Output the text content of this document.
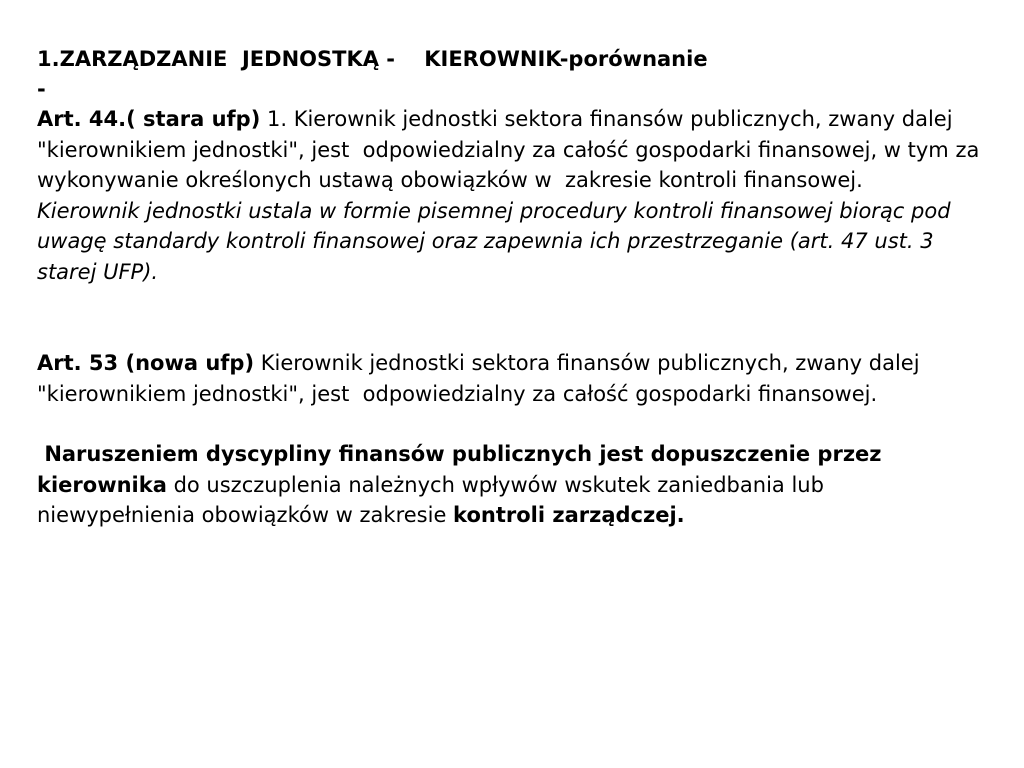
1.ZARZĄDZANIE  JEDNOSTKĄ -    KIEROWNIK-porównanie

-

Art. 44.( stara ufp) 1. Kierownik jednostki sektora finansów publicznych, zwany dalej "kierownikiem jednostki", jest  odpowiedzialny za całość gospodarki finansowej, w tym za wykonywanie określonych ustawą obowiązków w  zakresie kontroli finansowej.

Kierownik jednostki ustala w formie pisemnej procedury kontroli finansowej biorąc pod uwagę standardy kontroli finansowej oraz zapewnia ich przestrzeganie (art. 47 ust. 3

starej UFP).

Art. 53 (nowa ufp) Kierownik jednostki sektora finansów publicznych, zwany dalej "kierownikiem jednostki", jest  odpowiedzialny za całość gospodarki finansowej.

Naruszeniem dyscypliny finansów publicznych jest dopuszczenie przez kierownika do uszczuplenia należnych wpływów wskutek zaniedbania lub niewypełnienia obowiązków w zakresie kontroli zarządczej.
